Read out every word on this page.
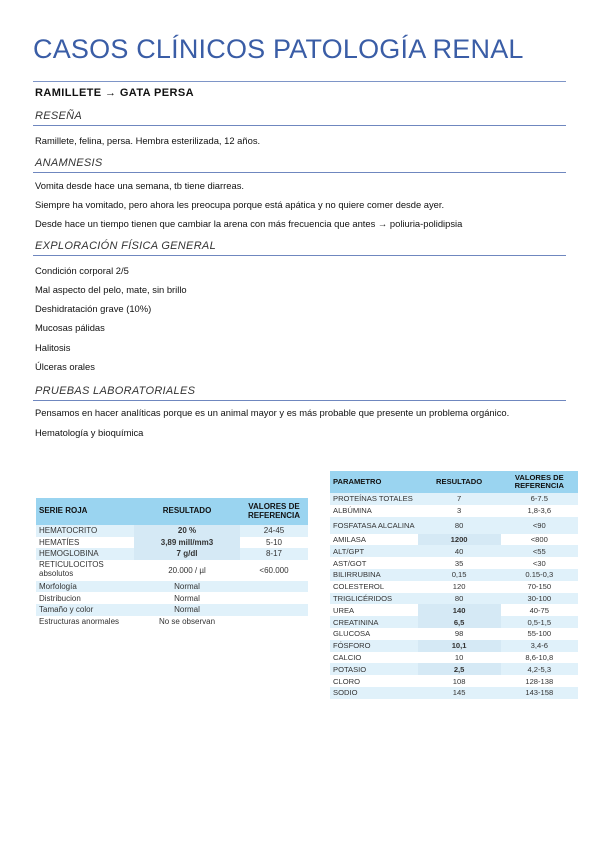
CASOS CLÍNICOS PATOLOGÍA RENAL
RAMILLETE → GATA PERSA
RESEÑA
Ramillete, felina, persa. Hembra esterilizada, 12 años.
ANAMNESIS
Vomita desde hace una semana, tb tiene diarreas.
Siempre ha vomitado, pero ahora les preocupa porque está apática y no quiere comer desde ayer.
Desde hace un tiempo tienen que cambiar la arena con más frecuencia que antes → poliuria-polidipsia
EXPLORACIÓN FÍSICA GENERAL
Condición corporal 2/5
Mal aspecto del pelo, mate, sin brillo
Deshidratación grave (10%)
Mucosas pálidas
Halitosis
Úlceras orales
PRUEBAS LABORATORIALES
Pensamos en hacer analíticas porque es un animal mayor y es más probable que presente un problema orgánico.
Hematología y bioquímica
SERIE ROJA	RESULTADO	VALORES DE REFERENCIA
HEMATOCRITO	20 %	24-45
HEMATÍES	3,89 mill/mm3	5-10
HEMOGLOBINA	7 g/dl	8-17
RETICULOCITOS absolutos	20.000 / µl	<60.000
Morfología	Normal	
Distribucion	Normal	
Tamaño y color	Normal	
Estructuras anormales	No se observan	
PARAMETRO	RESULTADO	VALORES DE REFERENCIA
PROTEÍNAS TOTALES	7	6-7.5
ALBÚMINA	3	1,8-3,6
FOSFATASA ALCALINA	80	<90
AMILASA	1200	<800
ALT/GPT	40	<55
AST/GOT	35	<30
BILIRRUBINA	0,15	0.15-0,3
COLESTEROL	120	70-150
TRIGLICÉRIDOS	80	30-100
UREA	140	40-75
CREATININA	6,5	0,5-1,5
GLUCOSA	98	55-100
FÓSFORO	10,1	3,4-6
CALCIO	10	8,6-10,8
POTASIO	2,5	4,2-5,3
CLORO	108	128-138
SODIO	145	143-158
